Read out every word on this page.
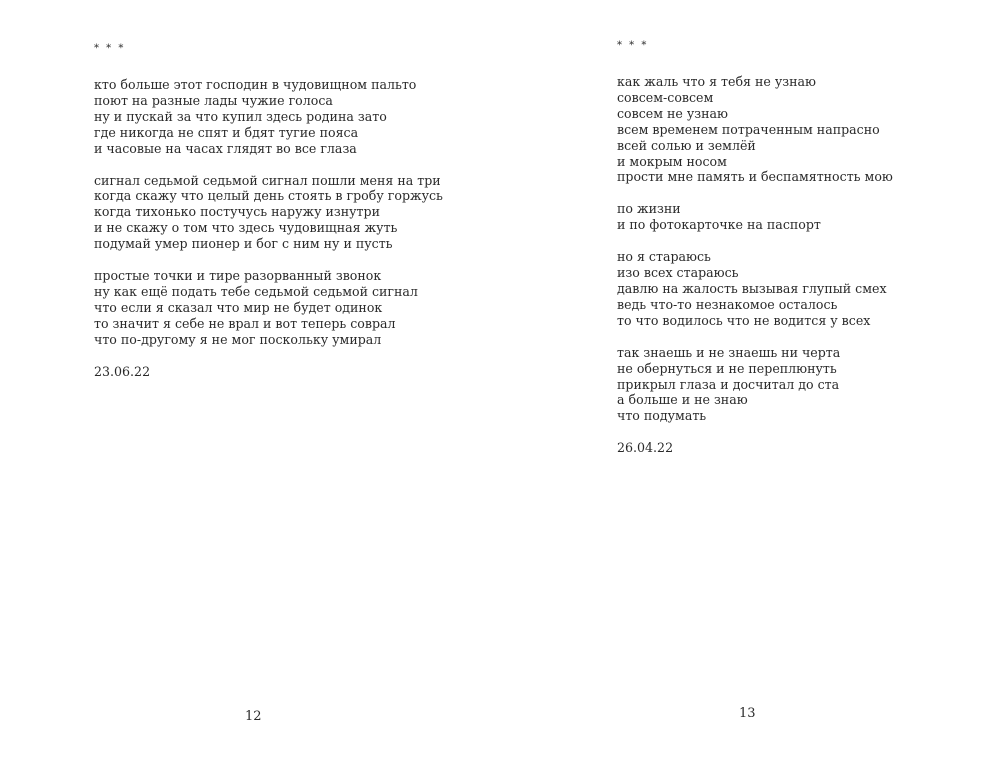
* * *
кто больше этот господин в чудовищном пальто
поют на разные лады чужие голоса
ну и пускай за что купил здесь родина зато
где никогда не спят и бдят тугие пояса
и часовые на часах глядят во все глаза
сигнал седьмой седьмой сигнал пошли меня на три
когда скажу что целый день стоять в гробу горжусь
когда тихонько постучусь наружу изнутри
и не скажу о том что здесь чудовищная жуть
подумай умер пионер и бог с ним ну и пусть
простые точки и тире разорванный звонок
ну как ещё подать тебе седьмой седьмой сигнал
что если я сказал что мир не будет одинок
то значит я себе не врал и вот теперь соврал
что по-другому я не мог поскольку умирал
23.06.22
12
* * *
как жаль что я тебя не узнаю
совсем-совсем
совсем не узнаю
всем временем потраченным напрасно
всей солью и землёй
и мокрым носом
прости мне память и беспамятность мою
по жизни
и по фотокарточке на паспорт
но я стараюсь
изо всех стараюсь
давлю на жалость вызывая глупый смех
ведь что-то незнакомое осталось
то что водилось что не водится у всех
так знаешь и не знаешь ни черта
не обернуться и не переплюнуть
прикрыл глаза и досчитал до ста
а больше и не знаю
что подумать
26.04.22
13
